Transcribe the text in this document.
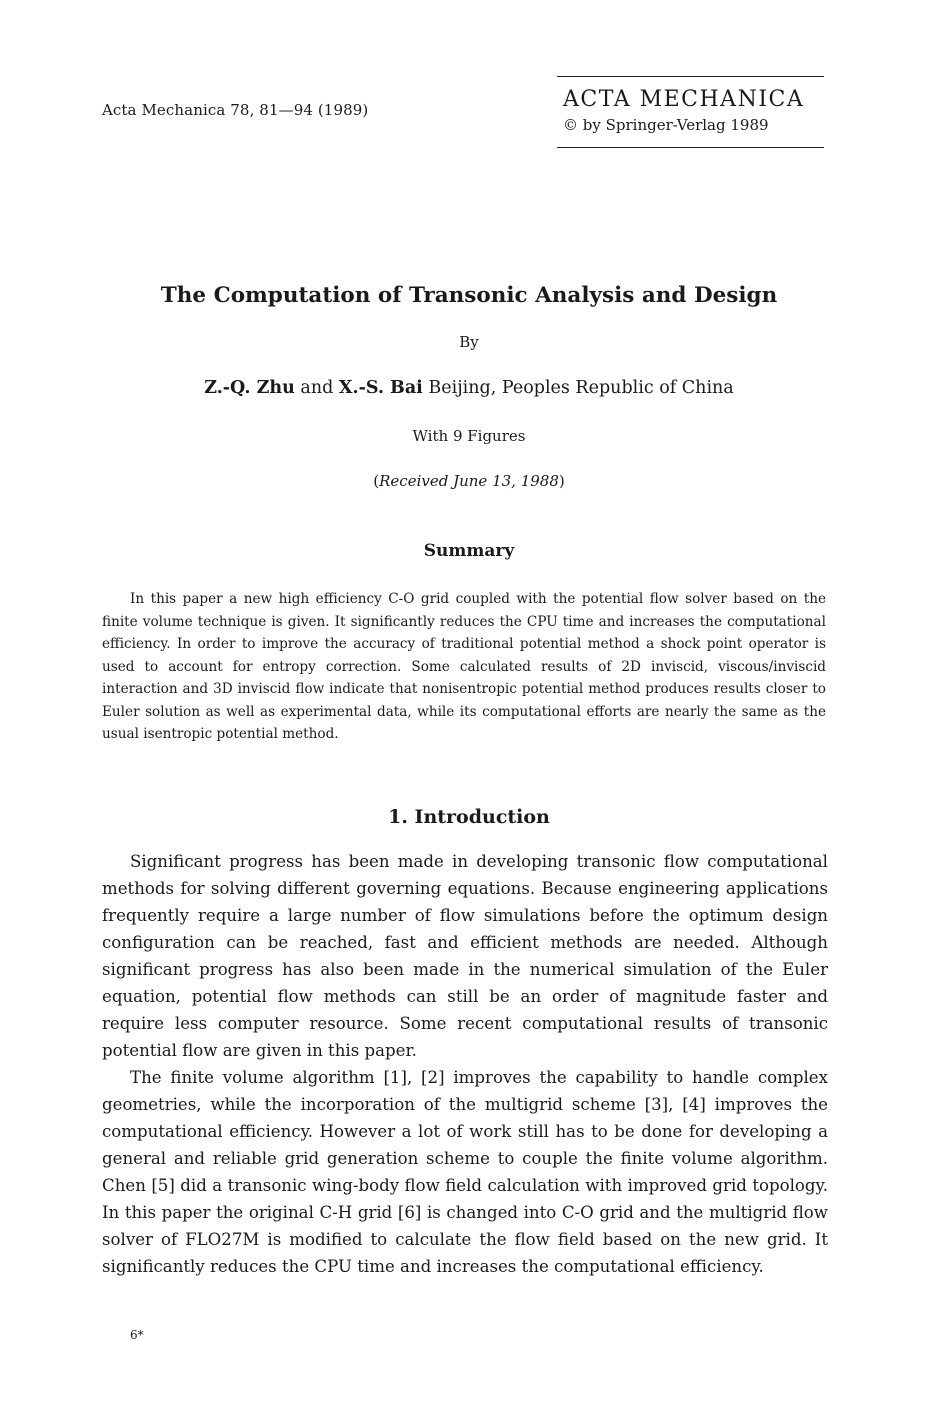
Acta Mechanica 78, 81—94 (1989)	ACTA MECHANICA
© by Springer-Verlag 1989
The Computation of Transonic Analysis and Design
By
Z.-Q. Zhu and X.-S. Bai Beijing, Peoples Republic of China
With 9 Figures
(Received June 13, 1988)
Summary
In this paper a new high efficiency C-O grid coupled with the potential flow solver based on the finite volume technique is given. It significantly reduces the CPU time and increases the computational efficiency. In order to improve the accuracy of traditional potential method a shock point operator is used to account for entropy correction. Some calculated results of 2D inviscid, viscous/inviscid interaction and 3D inviscid flow indicate that nonisentropic potential method produces results closer to Euler solution as well as experimental data, while its computational efforts are nearly the same as the usual isentropic potential method.
1. Introduction

Significant progress has been made in developing transonic flow computational methods for solving different governing equations. Because engineering applications frequently require a large number of flow simulations before the optimum design configuration can be reached, fast and efficient methods are needed. Although significant progress has also been made in the numerical simulation of the Euler equation, potential flow methods can still be an order of magnitude faster and require less computer resource. Some recent computational results of transonic potential flow are given in this paper.

The finite volume algorithm [1], [2] improves the capability to handle complex geometries, while the incorporation of the multigrid scheme [3], [4] improves the computational efficiency. However a lot of work still has to be done for developing a general and reliable grid generation scheme to couple the finite volume algorithm. Chen [5] did a transonic wing-body flow field calculation with improved grid topology. In this paper the original C-H grid [6] is changed into C-O grid and the multigrid flow solver of FLO27M is modified to calculate the flow field based on the new grid. It significantly reduces the CPU time and increases the computational efficiency.

6*
